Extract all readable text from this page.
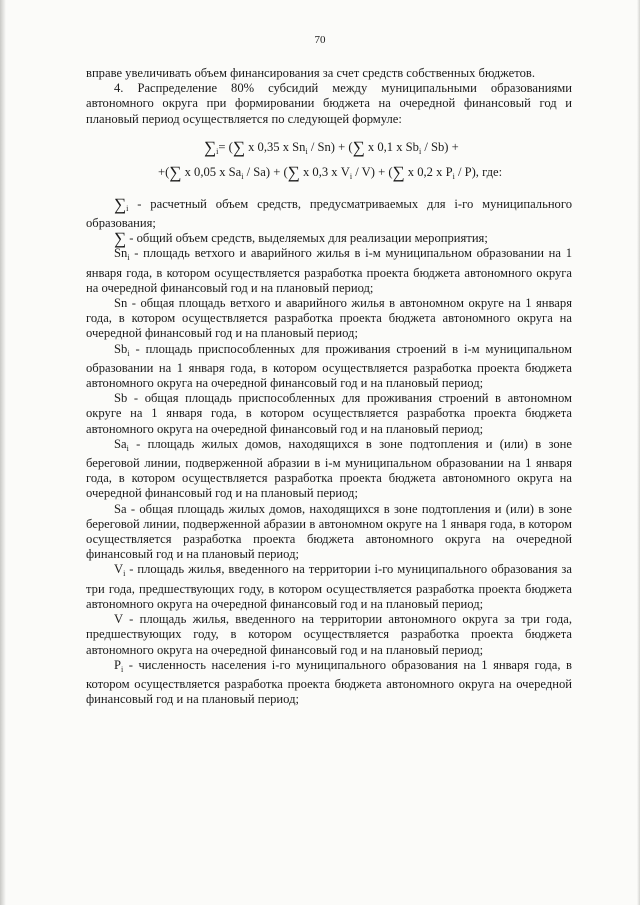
70

вправе увеличивать объем финансирования за счет средств собственных бюджетов.

4. Распределение 80% субсидий между муниципальными образованиями автономного округа при формировании бюджета на очередной финансовый год и плановый период осуществляется по следующей формуле:

$\sum_i=$ (∑ х 0,35 х $Sn_i / Sn$) + (∑ х 0,1 х $Sb_i / Sb$) +
+(∑ х 0,05 х $Sa_i / Sa$) + (∑ х 0,3 х $V_i / V$) + (∑ х 0,2 х $P_i / P$), где:

$\sum_i$ - расчетный объем средств, предусматриваемых для i-го муниципального образования;

∑ - общий объем средств, выделяемых для реализации мероприятия;

$Sn_i$ - площадь ветхого и аварийного жилья в i-м муниципальном образовании на 1 января года, в котором осуществляется разработка проекта бюджета автономного округа на очередной финансовый год и на плановый период;

Sn - общая площадь ветхого и аварийного жилья в автономном округе на 1 января года, в котором осуществляется разработка проекта бюджета автономного округа на очередной финансовый год и на плановый период;

$Sb_i$ - площадь приспособленных для проживания строений в i-м муниципальном образовании на 1 января года, в котором осуществляется разработка проекта бюджета автономного округа на очередной финансовый год и на плановый период;

Sb - общая площадь приспособленных для проживания строений в автономном округе на 1 января года, в котором осуществляется разработка проекта бюджета автономного округа на очередной финансовый год и на плановый период;

$Sa_i$ - площадь жилых домов, находящихся в зоне подтопления и (или) в зоне береговой линии, подверженной абразии в i-м муниципальном образовании на 1 января года, в котором осуществляется разработка проекта бюджета автономного округа на очередной финансовый год и на плановый период;

Sa - общая площадь жилых домов, находящихся в зоне подтопления и (или) в зоне береговой линии, подверженной абразии в автономном округе на 1 января года, в котором осуществляется разработка проекта бюджета автономного округа на очередной финансовый год и на плановый период;

$V_i$ - площадь жилья, введенного на территории i-го муниципального образования за три года, предшествующих году, в котором осуществляется разработка проекта бюджета автономного округа на очередной финансовый год и на плановый период;

V - площадь жилья, введенного на территории автономного округа за три года, предшествующих году, в котором осуществляется разработка проекта бюджета автономного округа на очередной финансовый год и на плановый период;

$P_i$ - численность населения i-го муниципального образования на 1 января года, в котором осуществляется разработка проекта бюджета автономного округа на очередной финансовый год и на плановый период;
